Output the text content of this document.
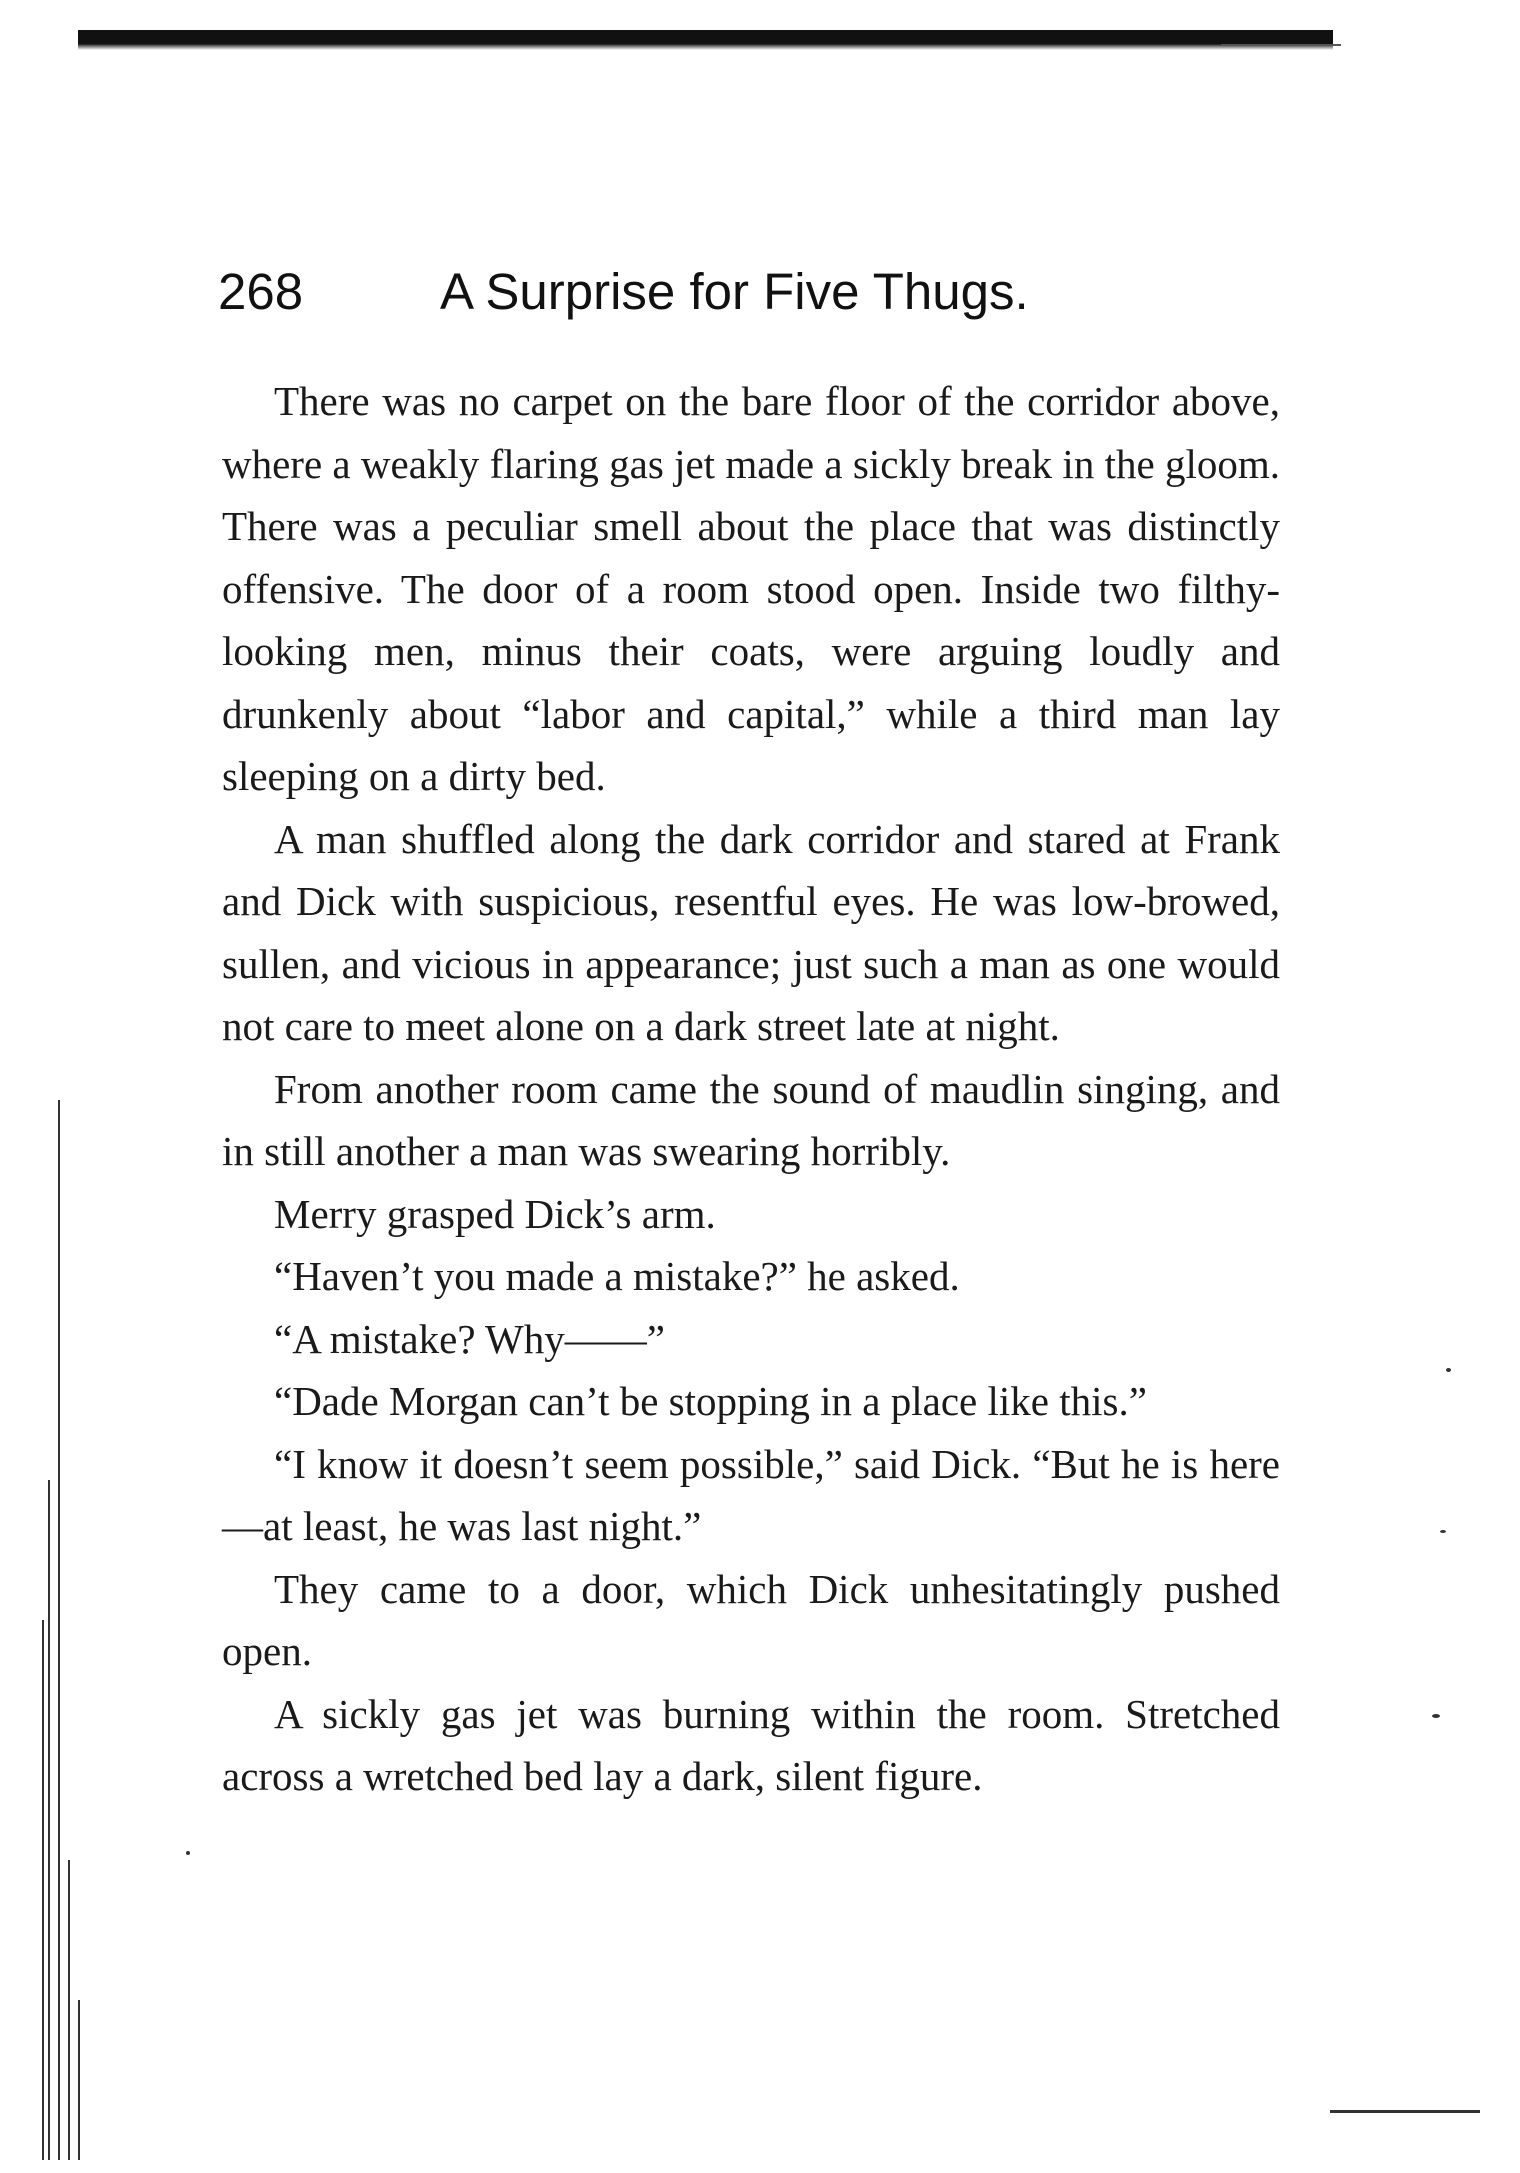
268	A Surprise for Five Thugs.

There was no carpet on the bare floor of the corridor above, where a weakly flaring gas jet made a sickly break in the gloom. There was a peculiar smell about the place that was distinctly offensive. The door of a room stood open. Inside two filthy-looking men, minus their coats, were arguing loudly and drunkenly about “labor and capital,” while a third man lay sleeping on a dirty bed.

A man shuffled along the dark corridor and stared at Frank and Dick with suspicious, resentful eyes. He was low-browed, sullen, and vicious in appearance; just such a man as one would not care to meet alone on a dark street late at night.

From another room came the sound of maudlin singing, and in still another a man was swearing horribly.

Merry grasped Dick’s arm.

“Haven’t you made a mistake?” he asked.

“A mistake? Why——”

“Dade Morgan can’t be stopping in a place like this.”

“I know it doesn’t seem possible,” said Dick. “But he is here—at least, he was last night.”

They came to a door, which Dick unhesitatingly pushed open.

A sickly gas jet was burning within the room. Stretched across a wretched bed lay a dark, silent figure.
